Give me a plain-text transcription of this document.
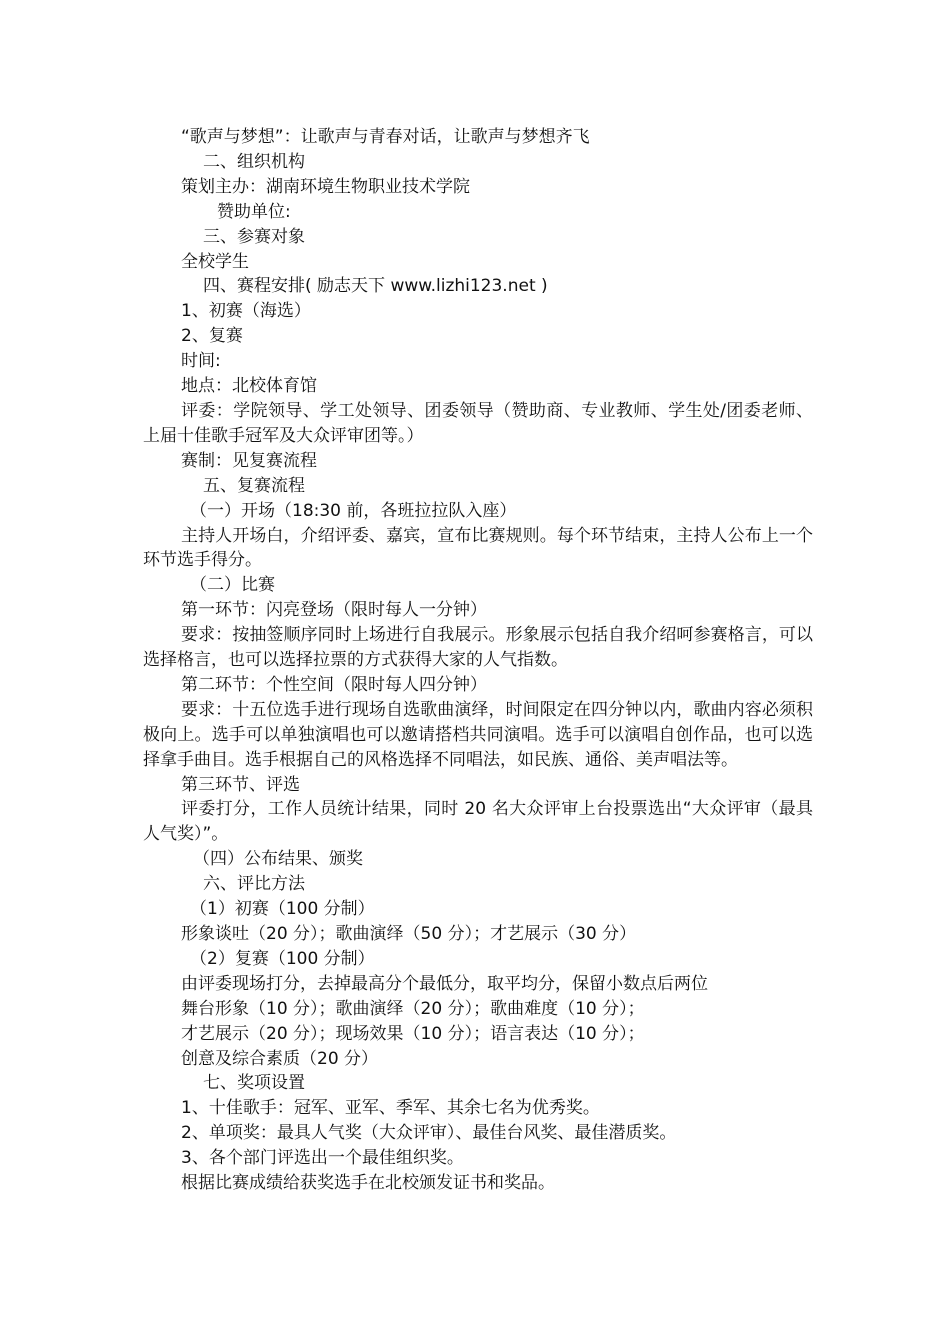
“歌声与梦想”：让歌声与青春对话，让歌声与梦想齐飞
二、组织机构
策划主办：湖南环境生物职业技术学院
赞助单位:
三、参赛对象
全校学生
四、赛程安排( 励志天下 www.lizhi123.net )
1、初赛（海选）
2、复赛
时间:
地点：北校体育馆
评委：学院领导、学工处领导、团委领导（赞助商、专业教师、学生处/团委老师、上届十佳歌手冠军及大众评审团等。）
赛制：见复赛流程
五、复赛流程
（一）开场（18:30 前，各班拉拉队入座）
主持人开场白，介绍评委、嘉宾，宣布比赛规则。每个环节结束，主持人公布上一个环节选手得分。
（二）比赛
第一环节：闪亮登场（限时每人一分钟）
要求：按抽签顺序同时上场进行自我展示。形象展示包括自我介绍呵参赛格言，可以选择格言，也可以选择拉票的方式获得大家的人气指数。
第二环节：个性空间（限时每人四分钟）
要求：十五位选手进行现场自选歌曲演绎，时间限定在四分钟以内，歌曲内容必须积极向上。选手可以单独演唱也可以邀请搭档共同演唱。选手可以演唱自创作品，也可以选择拿手曲目。选手根据自己的风格选择不同唱法，如民族、通俗、美声唱法等。
第三环节、评选
评委打分，工作人员统计结果，同时 20 名大众评审上台投票选出“大众评审（最具人气奖）”。
（四）公布结果、颁奖
六、评比方法
（1）初赛（100 分制）
形象谈吐（20 分）；歌曲演绎（50 分）；才艺展示（30 分）
（2）复赛（100 分制）
由评委现场打分，去掉最高分个最低分，取平均分，保留小数点后两位
舞台形象（10 分）；歌曲演绎（20 分）；歌曲难度（10 分）；
才艺展示（20 分）；现场效果（10 分）；语言表达（10 分）；
创意及综合素质（20 分）
七、奖项设置
1、十佳歌手：冠军、亚军、季军、其余七名为优秀奖。
2、单项奖：最具人气奖（大众评审）、最佳台风奖、最佳潜质奖。
3、各个部门评选出一个最佳组织奖。
根据比赛成绩给获奖选手在北校颁发证书和奖品。
